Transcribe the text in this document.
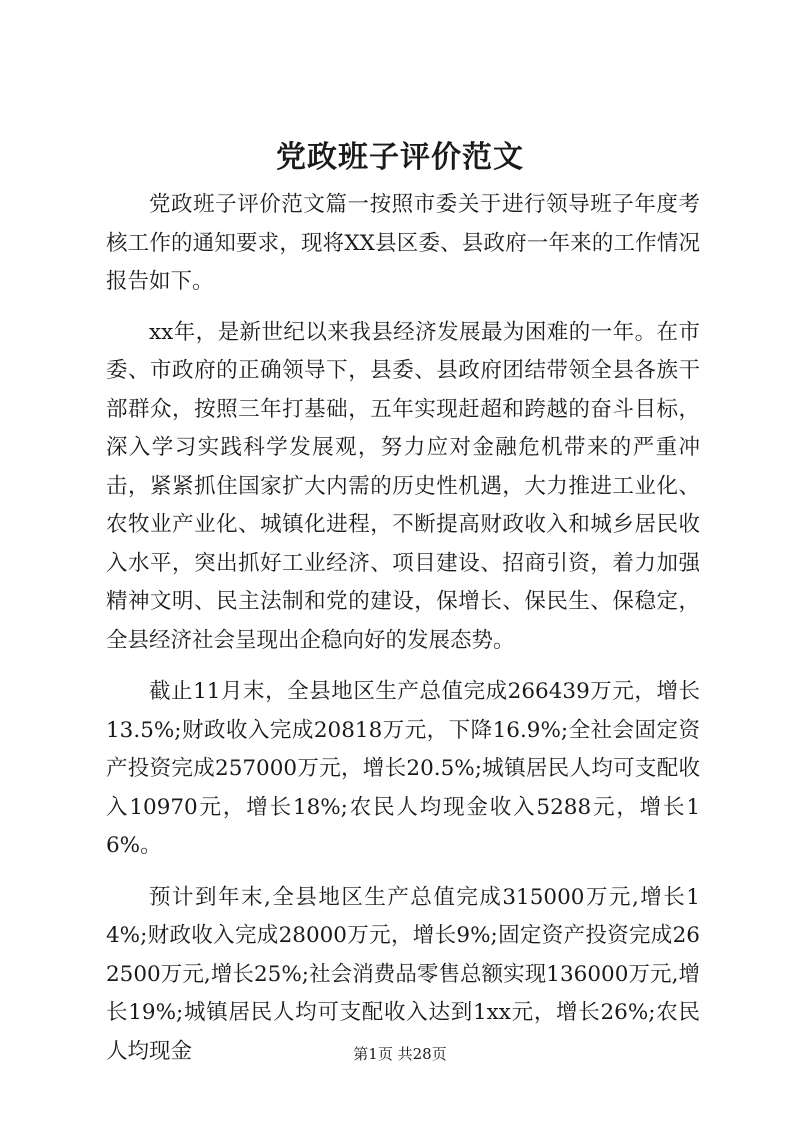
党政班子评价范文

党政班子评价范文篇一按照市委关于进行领导班子年度考核工作的通知要求，现将XX县区委、县政府一年来的工作情况报告如下。

xx年，是新世纪以来我县经济发展最为困难的一年。在市委、市政府的正确领导下，县委、县政府团结带领全县各族干部群众，按照三年打基础，五年实现赶超和跨越的奋斗目标，深入学习实践科学发展观，努力应对金融危机带来的严重冲击，紧紧抓住国家扩大内需的历史性机遇，大力推进工业化、农牧业产业化、城镇化进程，不断提高财政收入和城乡居民收入水平，突出抓好工业经济、项目建设、招商引资，着力加强精神文明、民主法制和党的建设，保增长、保民生、保稳定，全县经济社会呈现出企稳向好的发展态势。

截止11月末，全县地区生产总值完成266439万元，增长13.5%;财政收入完成20818万元，下降16.9%;全社会固定资产投资完成257000万元，增长20.5%;城镇居民人均可支配收入10970元，增长18%;农民人均现金收入5288元，增长16%。

预计到年末,全县地区生产总值完成315000万元,增长14%;财政收入完成28000万元，增长9%;固定资产投资完成262500万元,增长25%;社会消费品零售总额实现136000万元,增长19%;城镇居民人均可支配收入达到1xx元，增长26%;农民人均现金	第1页 共28页
